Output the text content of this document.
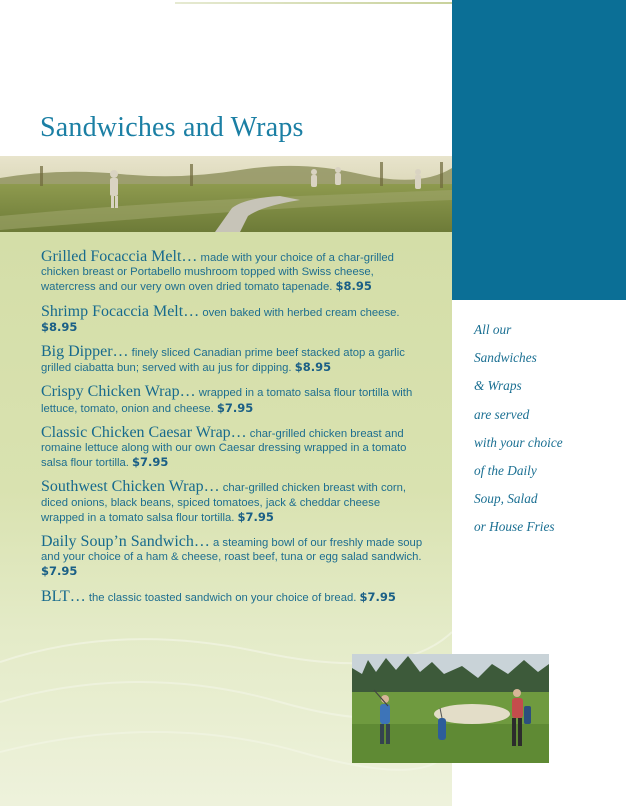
Sandwiches and Wraps
Grilled Focaccia Melt… made with your choice of a char-grilled chicken breast or Portabello mushroom topped with Swiss cheese, watercress and our very own oven dried tomato tapenade. $8.95
Shrimp Focaccia Melt… oven baked with herbed cream cheese. $8.95
Big Dipper… finely sliced Canadian prime beef stacked atop a garlic grilled ciabatta bun; served with au jus for dipping. $8.95
Crispy Chicken Wrap… wrapped in a tomato salsa flour tortilla with lettuce, tomato, onion and cheese. $7.95
Classic Chicken Caesar Wrap… char-grilled chicken breast and romaine lettuce along with our own Caesar dressing wrapped in a tomato salsa flour tortilla. $7.95
Southwest Chicken Wrap… char-grilled chicken breast with corn, diced onions, black beans, spiced tomatoes, jack & cheddar cheese wrapped in a tomato salsa flour tortilla. $7.95
Daily Soup’n Sandwich… a steaming bowl of our freshly made soup and your choice of a ham & cheese, roast beef, tuna or egg salad sandwich. $7.95
BLT… the classic toasted sandwich on your choice of bread. $7.95
All our
Sandwiches
& Wraps
are served
with your choice
of the Daily
Soup, Salad
or House Fries
